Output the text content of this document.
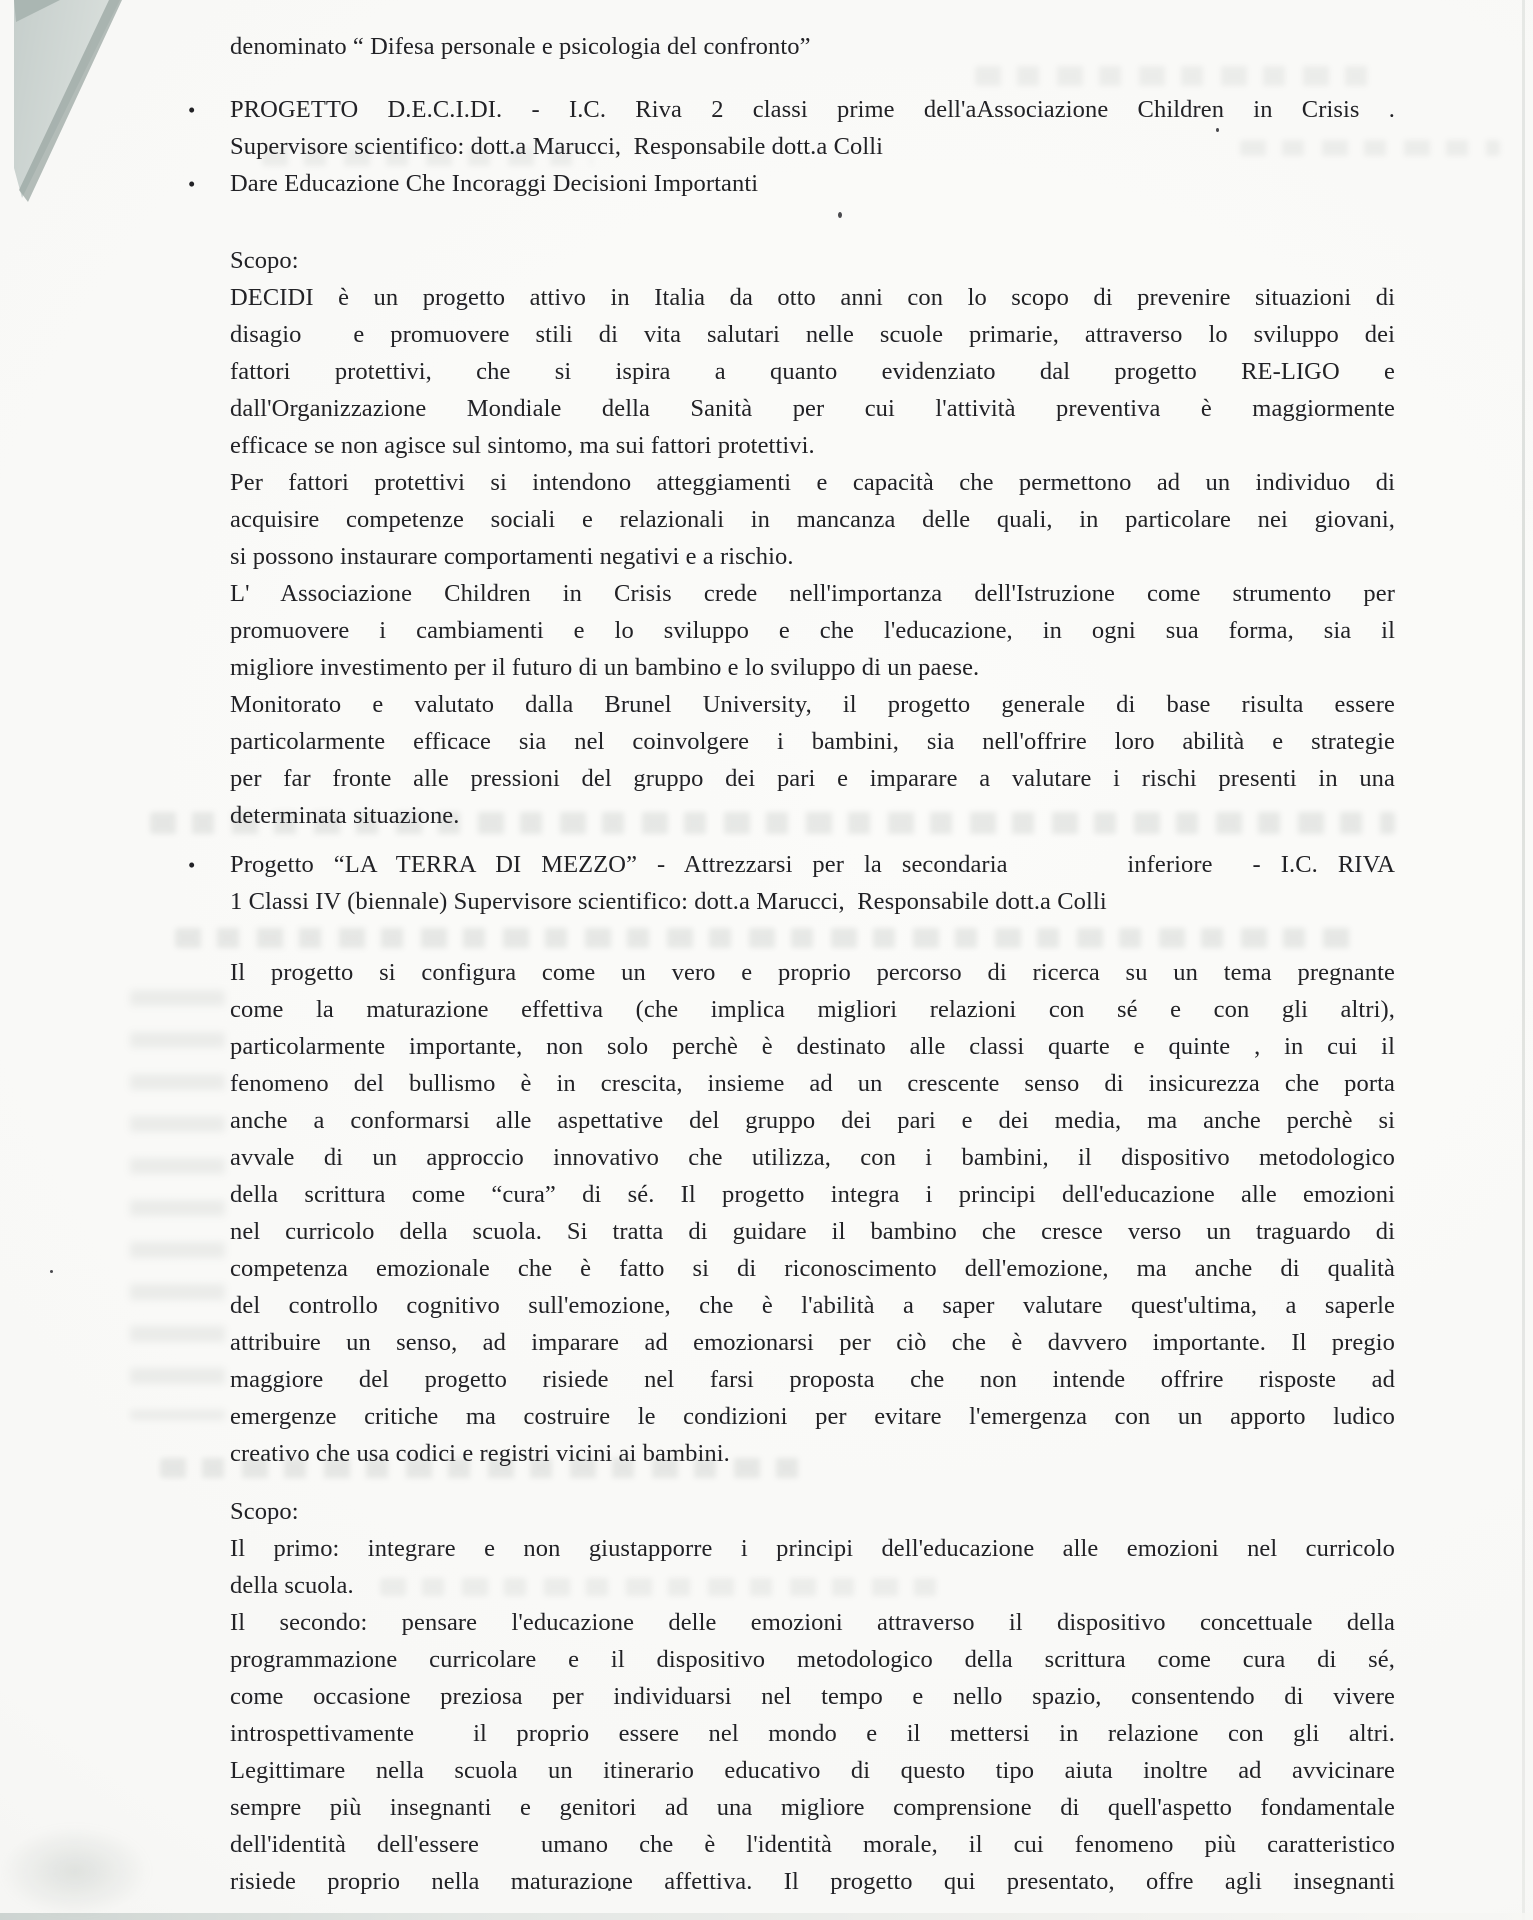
denominato “ Difesa personale e psicologia del confronto”
• PROGETTO D.E.C.I.DI. - I.C. Riva 2 classi prime dell'aAssociazione Children in Crisis .
Supervisore scientifico: dott.a Marucci,  Responsabile dott.a Colli
• Dare Educazione Che Incoraggi Decisioni Importanti
Scopo:
DECIDI è un progetto attivo in Italia da otto anni con lo scopo di prevenire situazioni di
disagio  e promuovere stili di vita salutari nelle scuole primarie, attraverso lo sviluppo dei
fattori protettivi, che si ispira a quanto evidenziato dal progetto RE-LIGO e
dall'Organizzazione Mondiale della Sanità per cui l'attività preventiva è maggiormente
efficace se non agisce sul sintomo, ma sui fattori protettivi.
Per fattori protettivi si intendono atteggiamenti e capacità che permettono ad un individuo di
acquisire competenze sociali e relazionali in mancanza delle quali, in particolare nei giovani,
si possono instaurare comportamenti negativi e a rischio.
L' Associazione Children in Crisis crede nell'importanza dell'Istruzione come strumento per
promuovere i cambiamenti e lo sviluppo e che l'educazione, in ogni sua forma, sia il
migliore investimento per il futuro di un bambino e lo sviluppo di un paese.
Monitorato e valutato dalla Brunel University, il progetto generale di base risulta essere
particolarmente efficace sia nel coinvolgere i bambini, sia nell'offrire loro abilità e strategie
per far fronte alle pressioni del gruppo dei pari e imparare a valutare i rischi presenti in una
determinata situazione.
• Progetto “LA TERRA DI MEZZO” - Attrezzarsi per la secondaria      inferiore  - I.C. RIVA
1 Classi IV (biennale) Supervisore scientifico: dott.a Marucci,  Responsabile dott.a Colli
Il progetto si configura come un vero e proprio percorso di ricerca su un tema pregnante
come la maturazione effettiva (che implica migliori relazioni con sé e con gli altri),
particolarmente importante, non solo perchè è destinato alle classi quarte e quinte , in cui il
fenomeno del bullismo è in crescita, insieme ad un crescente senso di insicurezza che porta
anche a conformarsi alle aspettative del gruppo dei pari e dei media, ma anche perchè si
avvale di un approccio innovativo che utilizza, con i bambini, il dispositivo metodologico
della scrittura come “cura” di sé. Il progetto integra i principi dell'educazione alle emozioni
nel curricolo della scuola. Si tratta di guidare il bambino che cresce verso un traguardo di
competenza emozionale che è fatto si di riconoscimento dell'emozione, ma anche di qualità
del controllo cognitivo sull'emozione, che è l'abilità a saper valutare quest'ultima, a saperle
attribuire un senso, ad imparare ad emozionarsi per ciò che è davvero importante. Il pregio
maggiore del progetto risiede nel farsi proposta che non intende offrire risposte ad
emergenze critiche ma costruire le condizioni per evitare l'emergenza con un apporto ludico
creativo che usa codici e registri vicini ai bambini.
Scopo:
Il primo: integrare e non giustapporre i principi dell'educazione alle emozioni nel curricolo
della scuola.
Il secondo: pensare l'educazione delle emozioni attraverso il dispositivo concettuale della
programmazione curricolare e il dispositivo metodologico della scrittura come cura di sé,
come occasione preziosa per individuarsi nel tempo e nello spazio, consentendo di vivere
introspettivamente  il proprio essere nel mondo e il mettersi in relazione con gli altri.
Legittimare nella scuola un itinerario educativo di questo tipo aiuta inoltre ad avvicinare
sempre più insegnanti e genitori ad una migliore comprensione di quell'aspetto fondamentale
dell'identità dell'essere  umano che è l'identità morale, il cui fenomeno più caratteristico
risiede proprio nella maturazione affettiva. Il progetto qui presentato, offre agli insegnanti
